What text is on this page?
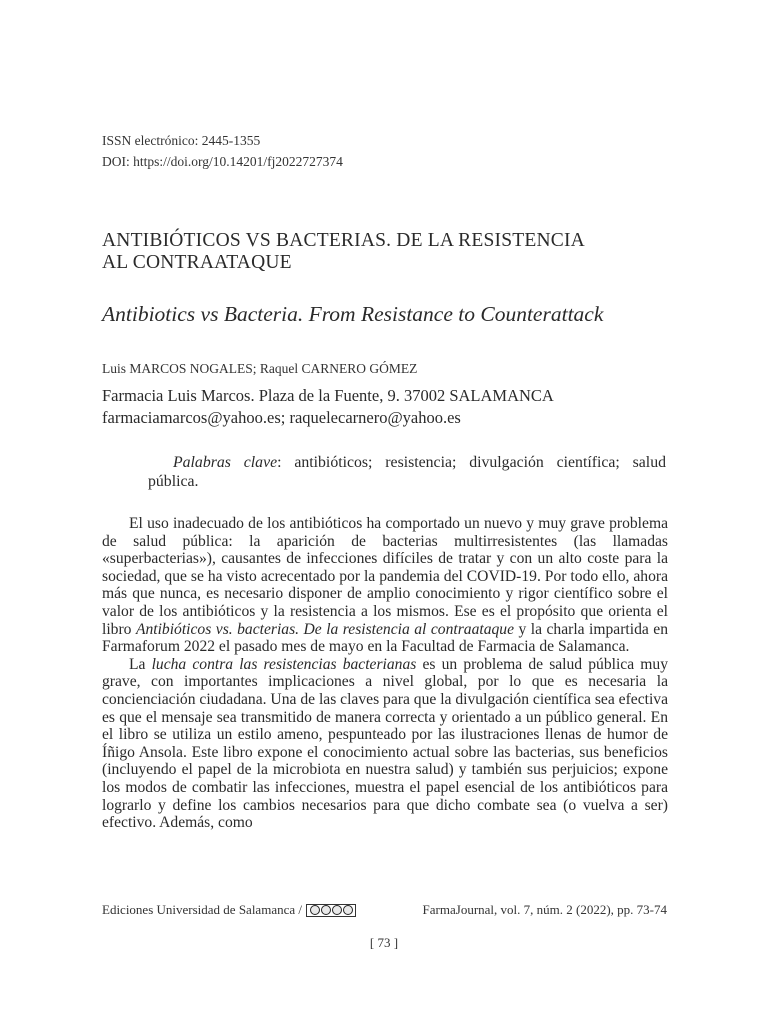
ISSN electrónico: 2445-1355
DOI: https://doi.org/10.14201/fj2022727374
ANTIBIÓTICOS VS BACTERIAS. DE LA RESISTENCIA
AL CONTRAATAQUE
Antibiotics vs Bacteria. From Resistance to Counterattack
Luis MARCOS NOGALES; Raquel CARNERO GÓMEZ
Farmacia Luis Marcos. Plaza de la Fuente, 9. 37002 SALAMANCA
farmaciamarcos@yahoo.es; raquelecarnero@yahoo.es
Palabras clave: antibióticos; resistencia; divulgación científica; salud pública.

El uso inadecuado de los antibióticos ha comportado un nuevo y muy grave problema de salud pública: la aparición de bacterias multirresistentes (las llamadas «superbacterias»), causantes de infecciones difíciles de tratar y con un alto coste para la sociedad, que se ha visto acrecentado por la pandemia del COVID-19. Por todo ello, ahora más que nunca, es necesario disponer de amplio conocimiento y rigor científico sobre el valor de los antibióticos y la resistencia a los mismos. Ese es el propósito que orienta el libro Antibióticos vs. bacterias. De la resistencia al contraataque y la charla impartida en Farmaforum 2022 el pasado mes de mayo en la Facultad de Farmacia de Salamanca.

La lucha contra las resistencias bacterianas es un problema de salud pública muy grave, con importantes implicaciones a nivel global, por lo que es necesaria la concienciación ciudadana. Una de las claves para que la divulgación científica sea efectiva es que el mensaje sea transmitido de manera correcta y orientado a un público general. En el libro se utiliza un estilo ameno, pespunteado por las ilustraciones llenas de humor de Íñigo Ansola. Este libro expone el conocimiento actual sobre las bacterias, sus beneficios (incluyendo el papel de la microbiota en nuestra salud) y también sus perjuicios; expone los modos de combatir las infecciones, muestra el papel esencial de los antibióticos para lograrlo y define los cambios necesarios para que dicho combate sea (o vuelva a ser) efectivo. Además, como

Ediciones Universidad de Salamanca /	FarmaJournal, vol. 7, núm. 2 (2022), pp. 73-74
[ 73 ]
